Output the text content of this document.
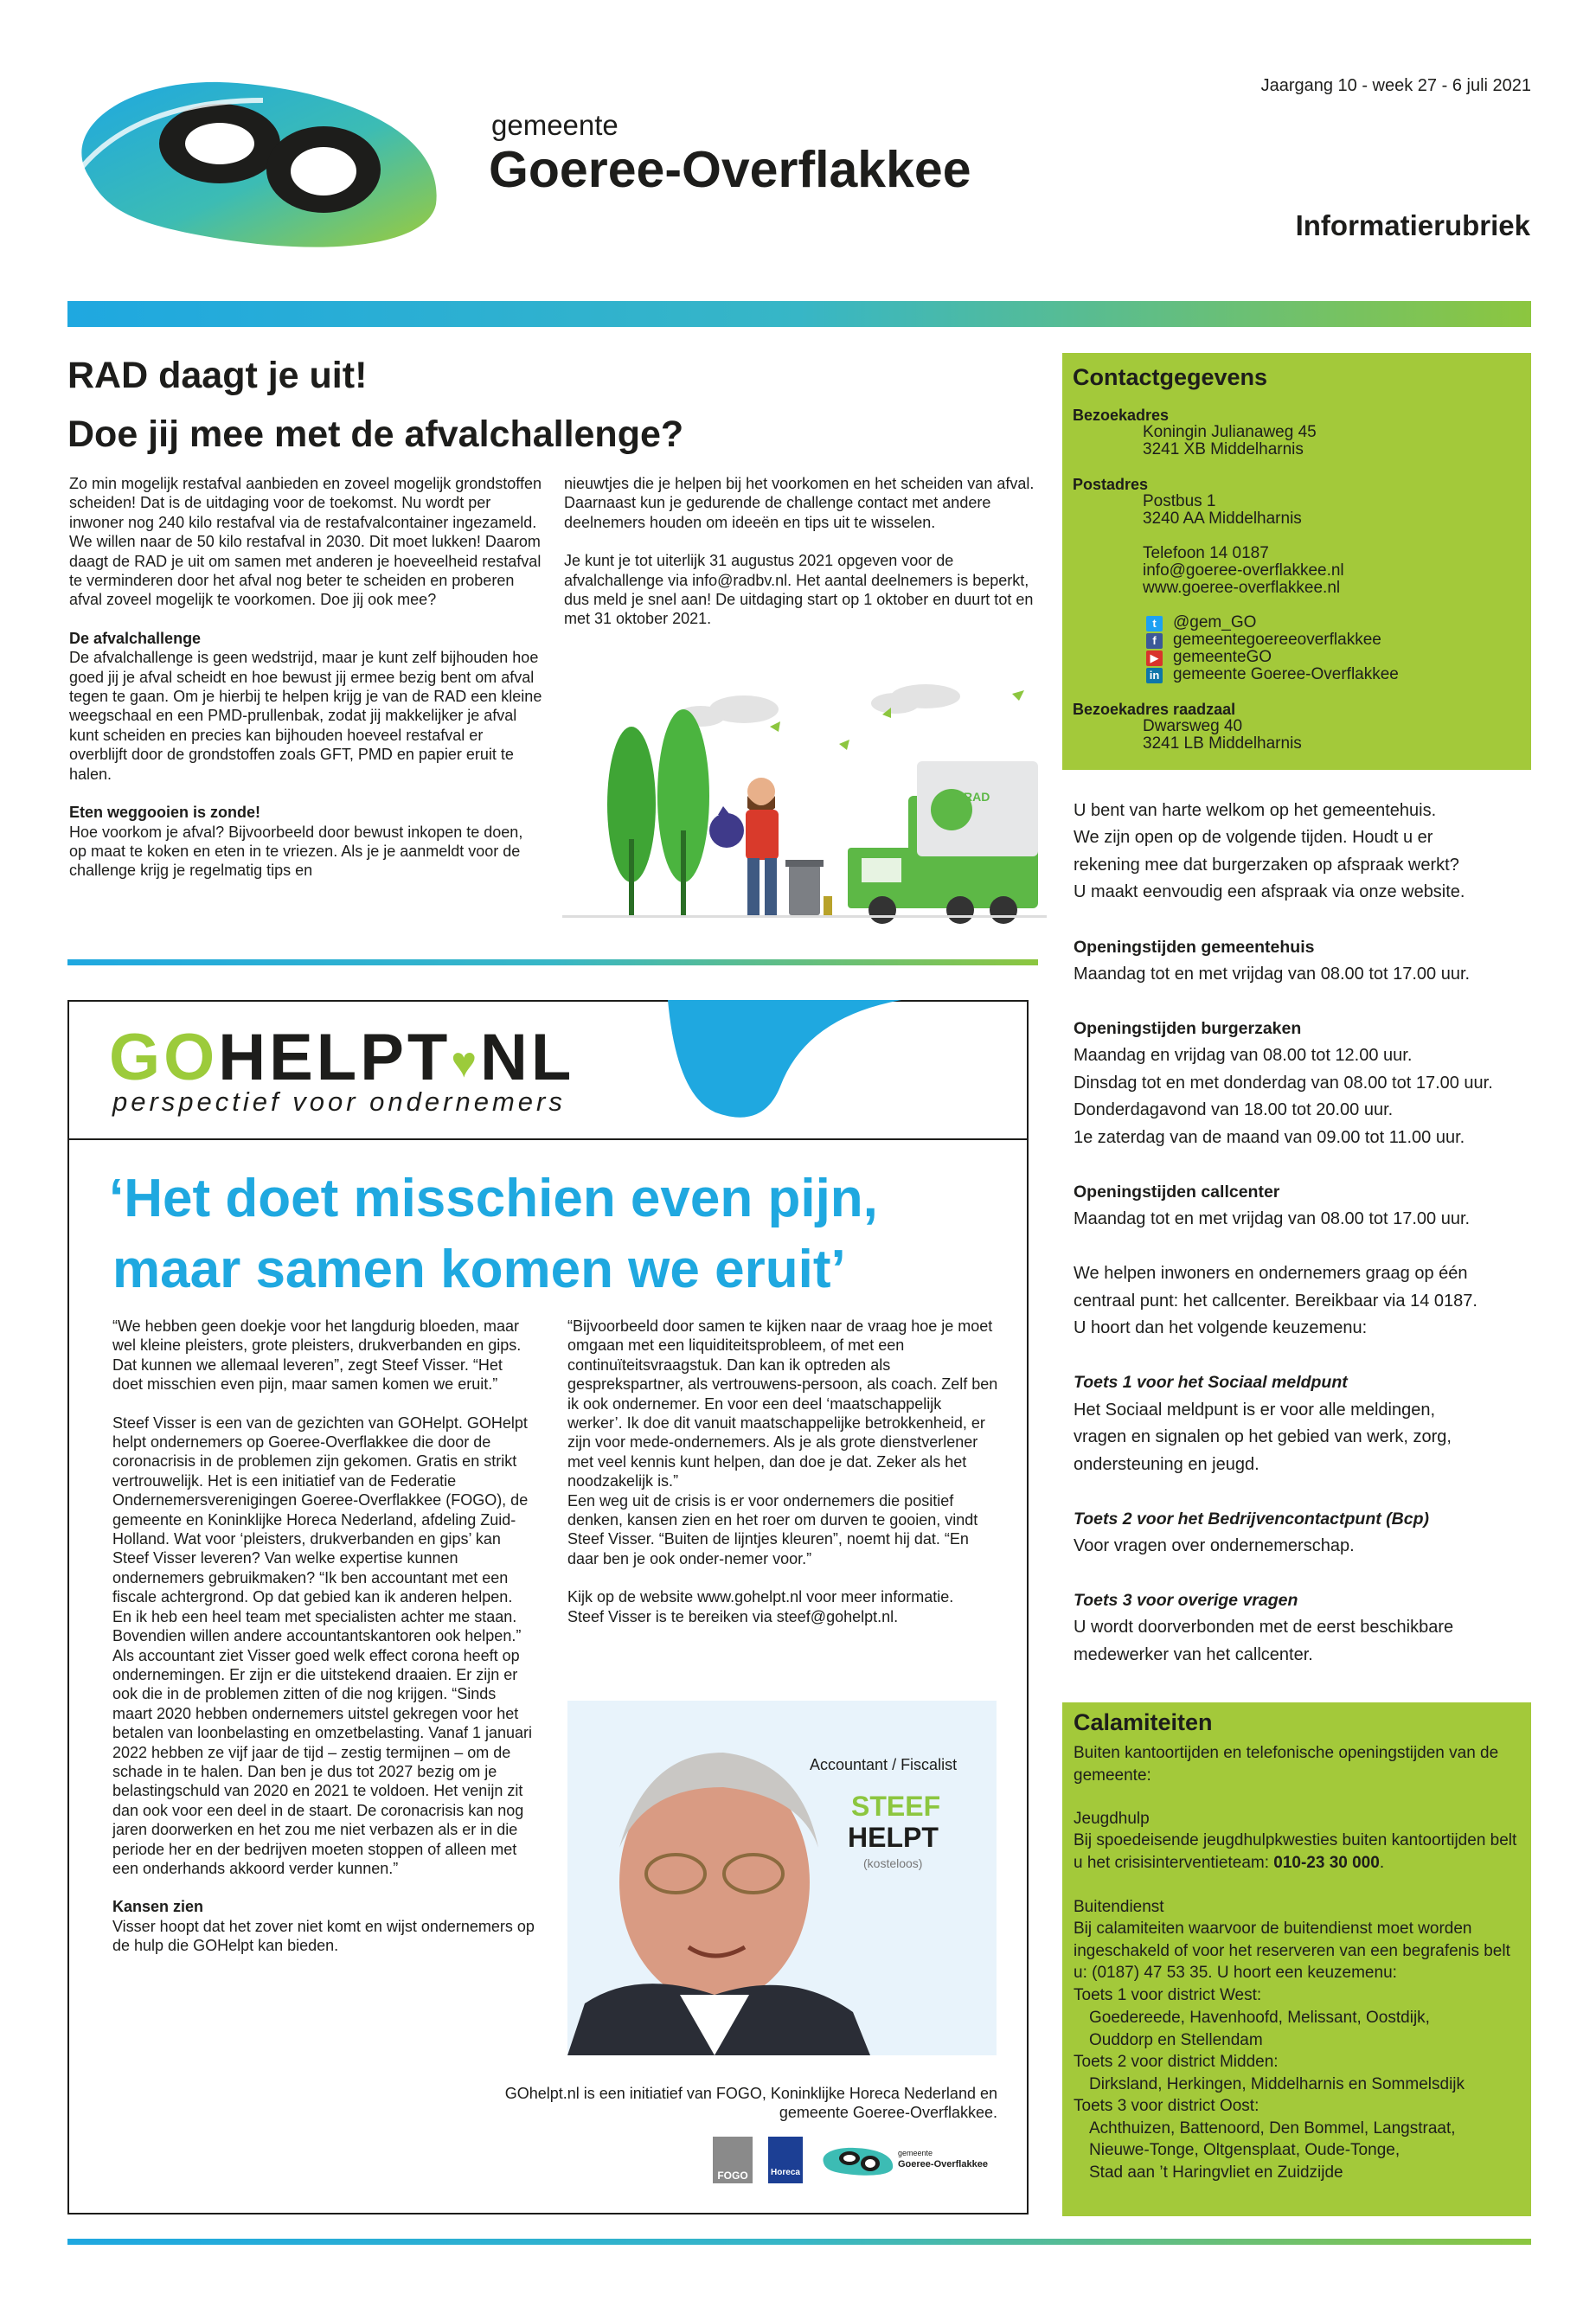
gemeente
Goeree-Overflakkee
Jaargang 10 - week 27 - 6 juli 2021
Informatierubriek
RAD daagt je uit!
Doe jij mee met de afvalchallenge?

Zo min mogelijk restafval aanbieden en zoveel mogelijk grondstoffen scheiden! Dat is de uitdaging voor de toekomst. Nu wordt per inwoner nog 240 kilo restafval via de restafvalcontainer ingezameld. We willen naar de 50 kilo restafval in 2030. Dit moet lukken! Daarom daagt de RAD je uit om samen met anderen je hoeveelheid restafval te verminderen door het afval nog beter te scheiden en proberen afval zoveel mogelijk te voorkomen. Doe jij ook mee?

De afvalchallenge

De afvalchallenge is geen wedstrijd, maar je kunt zelf bijhouden hoe goed jij je afval scheidt en hoe bewust jij ermee bezig bent om afval tegen te gaan. Om je hierbij te helpen krijg je van de RAD een kleine weegschaal en een PMD-prullenbak, zodat jij makkelijker je afval kunt scheiden en precies kan bijhouden hoeveel restafval er overblijft door de grondstoffen zoals GFT, PMD en papier eruit te halen.

Eten weggooien is zonde!

Hoe voorkom je afval? Bijvoorbeeld door bewust inkopen te doen, op maat te koken en eten in te vriezen. Als je je aanmeldt voor de challenge krijg je regelmatig tips en

nieuwtjes die je helpen bij het voorkomen en het scheiden van afval. Daarnaast kun je gedurende de challenge contact met andere deelnemers houden om ideeën en tips uit te wisselen.

Je kunt je tot uiterlijk 31 augustus 2021 opgeven voor de afvalchallenge via info@radbv.nl. Het aantal deelnemers is beperkt, dus meld je snel aan! De uitdaging start op 1 oktober en duurt tot en met 31 oktober 2021.

RAD
GOHELPT♥NL
perspectief voor ondernemers
‘Het doet misschien even pijn,
maar samen komen we eruit’

“We hebben geen doekje voor het langdurig bloeden, maar wel kleine pleisters, grote pleisters, drukverbanden en gips. Dat kunnen we allemaal leveren”, zegt Steef Visser. “Het doet misschien even pijn, maar samen komen we eruit.”

Steef Visser is een van de gezichten van GOHelpt. GOHelpt helpt ondernemers op Goeree-Overflakkee die door de coronacrisis in de problemen zijn gekomen. Gratis en strikt vertrouwelijk. Het is een initiatief van de Federatie Ondernemersverenigingen Goeree-Overflakkee (FOGO), de gemeente en Koninklijke Horeca Nederland, afdeling Zuid-Holland. Wat voor ‘pleisters, drukverbanden en gips’ kan Steef Visser leveren? Van welke expertise kunnen ondernemers gebruikmaken? “Ik ben accountant met een fiscale achtergrond. Op dat gebied kan ik anderen helpen. En ik heb een heel team met specialisten achter me staan. Bovendien willen andere accountantskantoren ook helpen.”

Als accountant ziet Visser goed welk effect corona heeft op ondernemingen. Er zijn er die uitstekend draaien. Er zijn er ook die in de problemen zitten of die nog krijgen. “Sinds maart 2020 hebben ondernemers uitstel gekregen voor het betalen van loonbelasting en omzetbelasting. Vanaf 1 januari 2022 hebben ze vijf jaar de tijd – zestig termijnen – om de schade in te halen. Dan ben je dus tot 2027 bezig om je belastingschuld van 2020 en 2021 te voldoen. Het venijn zit dan ook voor een deel in de staart. De coronacrisis kan nog jaren doorwerken en het zou me niet verbazen als er in die periode her en der bedrijven moeten stoppen of alleen met een onderhands akkoord verder kunnen.”

Kansen zien

Visser hoopt dat het zover niet komt en wijst ondernemers op de hulp die GOHelpt kan bieden.

“Bijvoorbeeld door samen te kijken naar de vraag hoe je moet omgaan met een liquiditeitsprobleem, of met een continuïteitsvraagstuk. Dan kan ik optreden als gesprekspartner, als vertrouwens-persoon, als coach. Zelf ben ik ook ondernemer. En voor een deel ‘maatschappelijk werker’. Ik doe dit vanuit maatschappelijke betrokkenheid, er zijn voor mede-ondernemers. Als je als grote dienstverlener met veel kennis kunt helpen, dan doe je dat. Zeker als het noodzakelijk is.”

Een weg uit de crisis is er voor ondernemers die positief denken, kansen zien en het roer om durven te gooien, vindt Steef Visser. “Buiten de lijntjes kleuren”, noemt hij dat. “En daar ben je ook onder-nemer voor.”

Kijk op de website www.gohelpt.nl voor meer informatie.

Steef Visser is te bereiken via steef@gohelpt.nl.

Accountant / Fiscalist
STEEF
HELPT
(kosteloos)
GOhelpt.nl is een initiatief van FOGO, Koninklijke Horeca Nederland en
gemeente Goeree-Overflakkee.
FOGO	Horeca
gemeente
Goeree-Overflakkee
Contactgegevens
Bezoekadres
Koningin Julianaweg 45
3241 XB Middelharnis
Postadres
Postbus 1
3240 AA Middelharnis
Telefoon 14 0187
info@goeree-overflakkee.nl
www.goeree-overflakkee.nl
t	@gem_GO
f	gemeentegoereeoverflakkee
▶ gemeenteGO
in gemeente Goeree-Overflakkee
Bezoekadres raadzaal
Dwarsweg 40
3241 LB Middelharnis
U bent van harte welkom op het gemeentehuis.
We zijn open op de volgende tijden. Houdt u er
rekening mee dat burgerzaken op afspraak werkt?
U maakt eenvoudig een afspraak via onze website.
Openingstijden gemeentehuis
Maandag tot en met vrijdag van 08.00 tot 17.00 uur.
Openingstijden burgerzaken
Maandag en vrijdag van 08.00 tot 12.00 uur.
Dinsdag tot en met donderdag van 08.00 tot 17.00 uur.
Donderdagavond van 18.00 tot 20.00 uur.
1e zaterdag van de maand van 09.00 tot 11.00 uur.
Openingstijden callcenter
Maandag tot en met vrijdag van 08.00 tot 17.00 uur.
We helpen inwoners en ondernemers graag op één
centraal punt: het callcenter. Bereikbaar via 14 0187.
U hoort dan het volgende keuzemenu:
Toets 1 voor het Sociaal meldpunt
Het Sociaal meldpunt is er voor alle meldingen,
vragen en signalen op het gebied van werk, zorg,
ondersteuning en jeugd.
Toets 2 voor het Bedrijvencontactpunt (Bcp)
Voor vragen over ondernemerschap.
Toets 3 voor overige vragen
U wordt doorverbonden met de eerst beschikbare
medewerker van het callcenter.
Calamiteiten
Buiten kantoortijden en telefonische openingstijden van de gemeente:
Jeugdhulp
Bij spoedeisende jeugdhulpkwesties buiten kantoortijden belt u het crisisinterventieteam: 010-23 30 000.
Buitendienst
Bij calamiteiten waarvoor de buitendienst moet worden ingeschakeld of voor het reserveren van een begrafenis belt u: (0187) 47 53 35. U hoort een keuzemenu:
Toets 1 voor district West:
Goedereede, Havenhoofd, Melissant, Oostdijk,
Ouddorp en Stellendam
Toets 2 voor district Midden:
Dirksland, Herkingen, Middelharnis en Sommelsdijk
Toets 3 voor district Oost:
Achthuizen, Battenoord, Den Bommel, Langstraat,
Nieuwe-Tonge, Oltgensplaat, Oude-Tonge,
Stad aan ’t Haringvliet en Zuidzijde
